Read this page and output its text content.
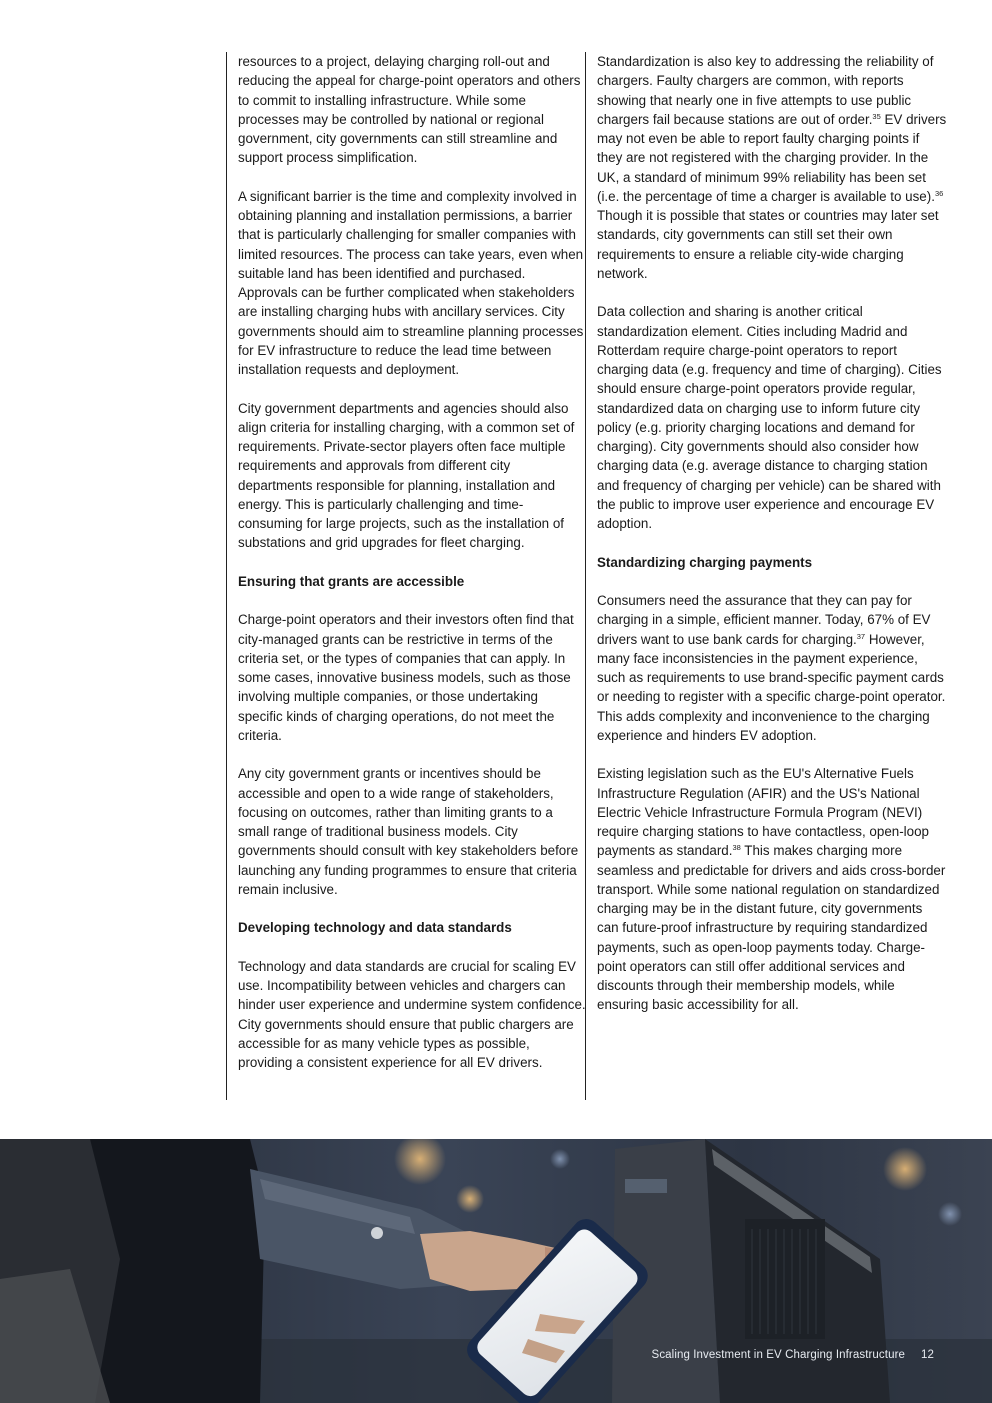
resources to a project, delaying charging roll-out and reducing the appeal for charge-point operators and others to commit to installing infrastructure. While some processes may be controlled by national or regional government, city governments can still streamline and support process simplification.

A significant barrier is the time and complexity involved in obtaining planning and installation permissions, a barrier that is particularly challenging for smaller companies with limited resources. The process can take years, even when suitable land has been identified and purchased. Approvals can be further complicated when stakeholders are installing charging hubs with ancillary services. City governments should aim to streamline planning processes for EV infrastructure to reduce the lead time between installation requests and deployment.

City government departments and agencies should also align criteria for installing charging, with a common set of requirements. Private-sector players often face multiple requirements and approvals from different city departments responsible for planning, installation and energy. This is particularly challenging and time-consuming for large projects, such as the installation of substations and grid upgrades for fleet charging.

Ensuring that grants are accessible

Charge-point operators and their investors often find that city-managed grants can be restrictive in terms of the criteria set, or the types of companies that can apply. In some cases, innovative business models, such as those involving multiple companies, or those undertaking specific kinds of charging operations, do not meet the criteria.

Any city government grants or incentives should be accessible and open to a wide range of stakeholders, focusing on outcomes, rather than limiting grants to a small range of traditional business models. City governments should consult with key stakeholders before launching any funding programmes to ensure that criteria remain inclusive.

Developing technology and data standards

Technology and data standards are crucial for scaling EV use. Incompatibility between vehicles and chargers can hinder user experience and undermine system confidence. City governments should ensure that public chargers are accessible for as many vehicle types as possible, providing a consistent experience for all EV drivers.

Standardization is also key to addressing the reliability of chargers. Faulty chargers are common, with reports showing that nearly one in five attempts to use public chargers fail because stations are out of order.$^{35}$ EV drivers may not even be able to report faulty charging points if they are not registered with the charging provider. In the UK, a standard of minimum 99% reliability has been set (i.e. the percentage of time a charger is available to use).$^{36}$ Though it is possible that states or countries may later set standards, city governments can still set their own requirements to ensure a reliable city-wide charging network.

Data collection and sharing is another critical standardization element. Cities including Madrid and Rotterdam require charge-point operators to report charging data (e.g. frequency and time of charging). Cities should ensure charge-point operators provide regular, standardized data on charging use to inform future city policy (e.g. priority charging locations and demand for charging). City governments should also consider how charging data (e.g. average distance to charging station and frequency of charging per vehicle) can be shared with the public to improve user experience and encourage EV adoption.

Standardizing charging payments

Consumers need the assurance that they can pay for charging in a simple, efficient manner. Today, 67% of EV drivers want to use bank cards for charging.$^{37}$ However, many face inconsistencies in the payment experience, such as requirements to use brand-specific payment cards or needing to register with a specific charge-point operator. This adds complexity and inconvenience to the charging experience and hinders EV adoption.

Existing legislation such as the EU's Alternative Fuels Infrastructure Regulation (AFIR) and the US's National Electric Vehicle Infrastructure Formula Program (NEVI) require charging stations to have contactless, open-loop payments as standard.$^{38}$ This makes charging more seamless and predictable for drivers and aids cross-border transport. While some national regulation on standardized charging may be in the distant future, city governments can future-proof infrastructure by requiring standardized payments, such as open-loop payments today. Charge-point operators can still offer additional services and discounts through their membership models, while ensuring basic accessibility for all.

Scaling Investment in EV Charging Infrastructure 12
